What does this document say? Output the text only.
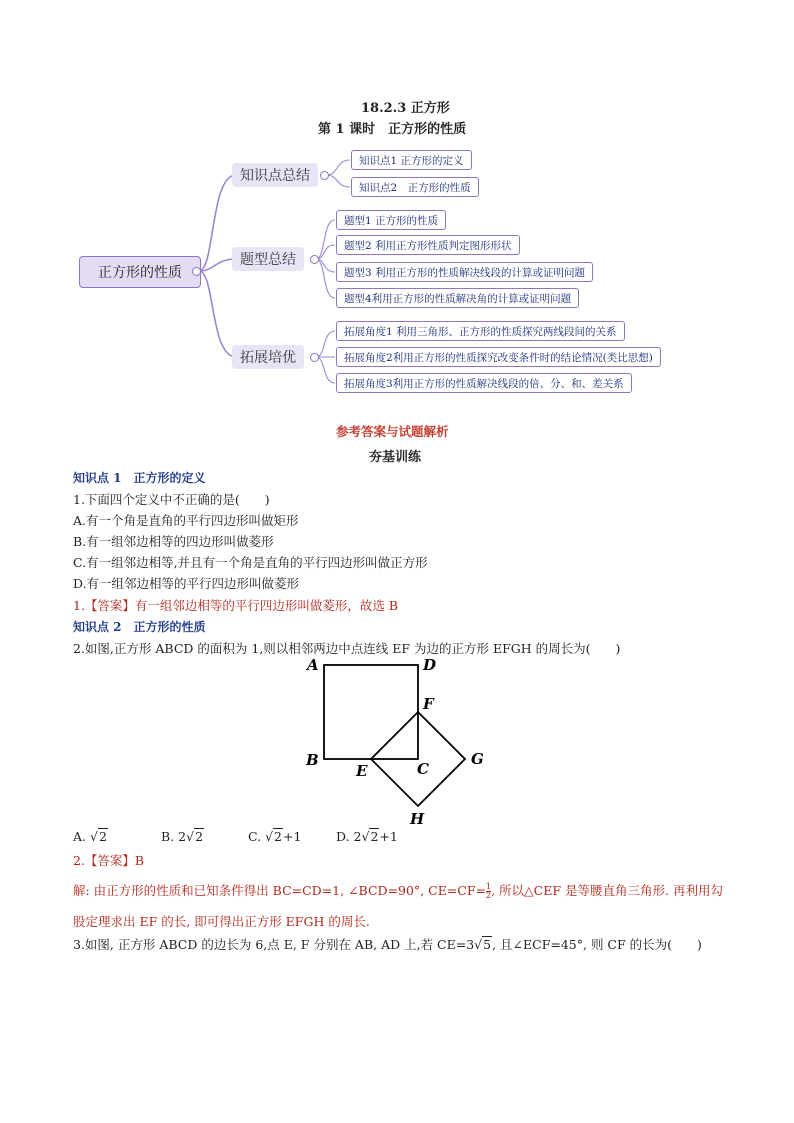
18.2.3 正方形
第 1 课时　正方形的性质
正方形的性质
知识点总结
题型总结
拓展培优
知识点1 正方形的定义
知识点2　正方形的性质
题型1 正方形的性质
题型2 利用正方形性质判定图形形状
题型3 利用正方形的性质解决线段的计算或证明问题
题型4利用正方形的性质解决角的计算或证明问题
拓展角度1 利用三角形、正方形的性质探究两线段间的关系
拓展角度2利用正方形的性质探究改变条件时的结论情况(类比思想)
拓展角度3利用正方形的性质解决线段的倍、分、和、差关系
参考答案与试题解析
夯基训练
知识点 1　正方形的定义
1.下面四个定义中不正确的是(　　)
A.有一个角是直角的平行四边形叫做矩形
B.有一组邻边相等的四边形叫做菱形
C.有一组邻边相等,并且有一个角是直角的平行四边形叫做正方形
D.有一组邻边相等的平行四边形叫做菱形
1.【答案】有一组邻边相等的平行四边形叫做菱形，故选 B
知识点 2　正方形的性质
2.如图,正方形 ABCD 的面积为 1,则以相邻两边中点连线 EF 为边的正方形 EFGH 的周长为(　　)
A	D
F
B
E	C
G
H
A. √2	B. 2√2	C. √2+1	D. 2√2+1
2.【答案】B
解: 由正方形的性质和已知条件得出 BC=CD=1, ∠BCD=90°, $CE=CF= \frac{1}{2}$ , 所以△CEF 是等腰直角三角形. 再利用勾
股定理求出 EF 的长, 即可得出正方形 EFGH 的周长.
3.如图, 正方形 ABCD 的边长为 6,点 E, F 分别在 AB, AD 上,若 CE=3√5, 且∠ECF=45°, 则 CF 的长为(　　)
